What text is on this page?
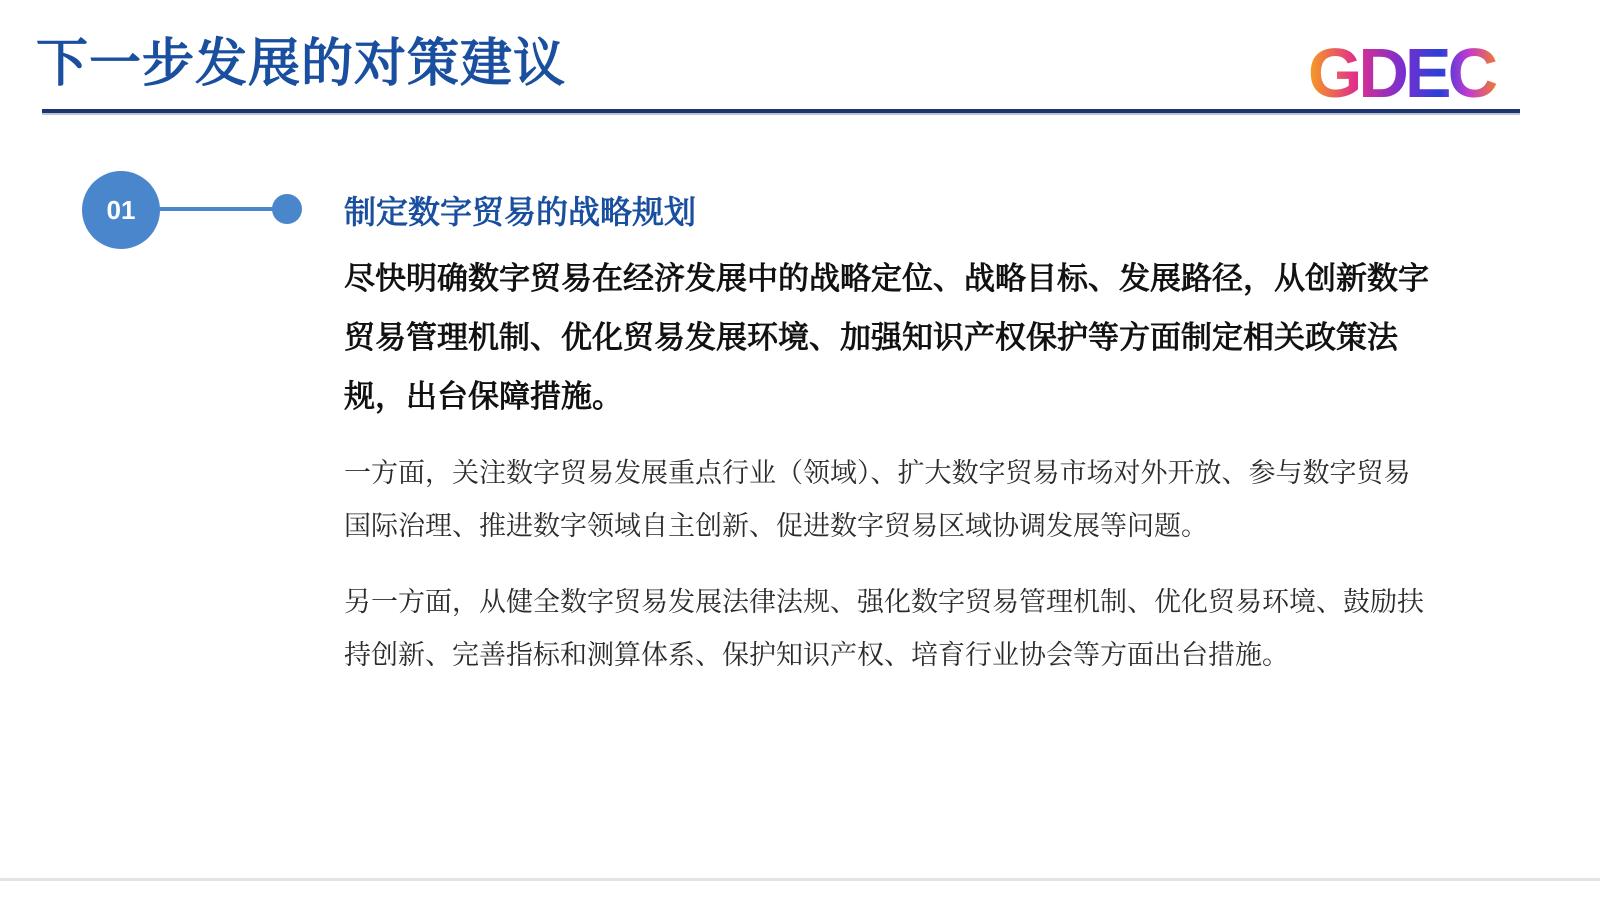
下一步发展的对策建议	GDEC
01	制定数字贸易的战略规划
尽快明确数字贸易在经济发展中的战略定位、战略目标、发展路径，从创新数字贸易管理机制、优化贸易发展环境、加强知识产权保护等方面制定相关政策法规，出台保障措施。
一方面，关注数字贸易发展重点行业（领域）、扩大数字贸易市场对外开放、参与数字贸易国际治理、推进数字领域自主创新、促进数字贸易区域协调发展等问题。
另一方面，从健全数字贸易发展法律法规、强化数字贸易管理机制、优化贸易环境、鼓励扶持创新、完善指标和测算体系、保护知识产权、培育行业协会等方面出台措施。
